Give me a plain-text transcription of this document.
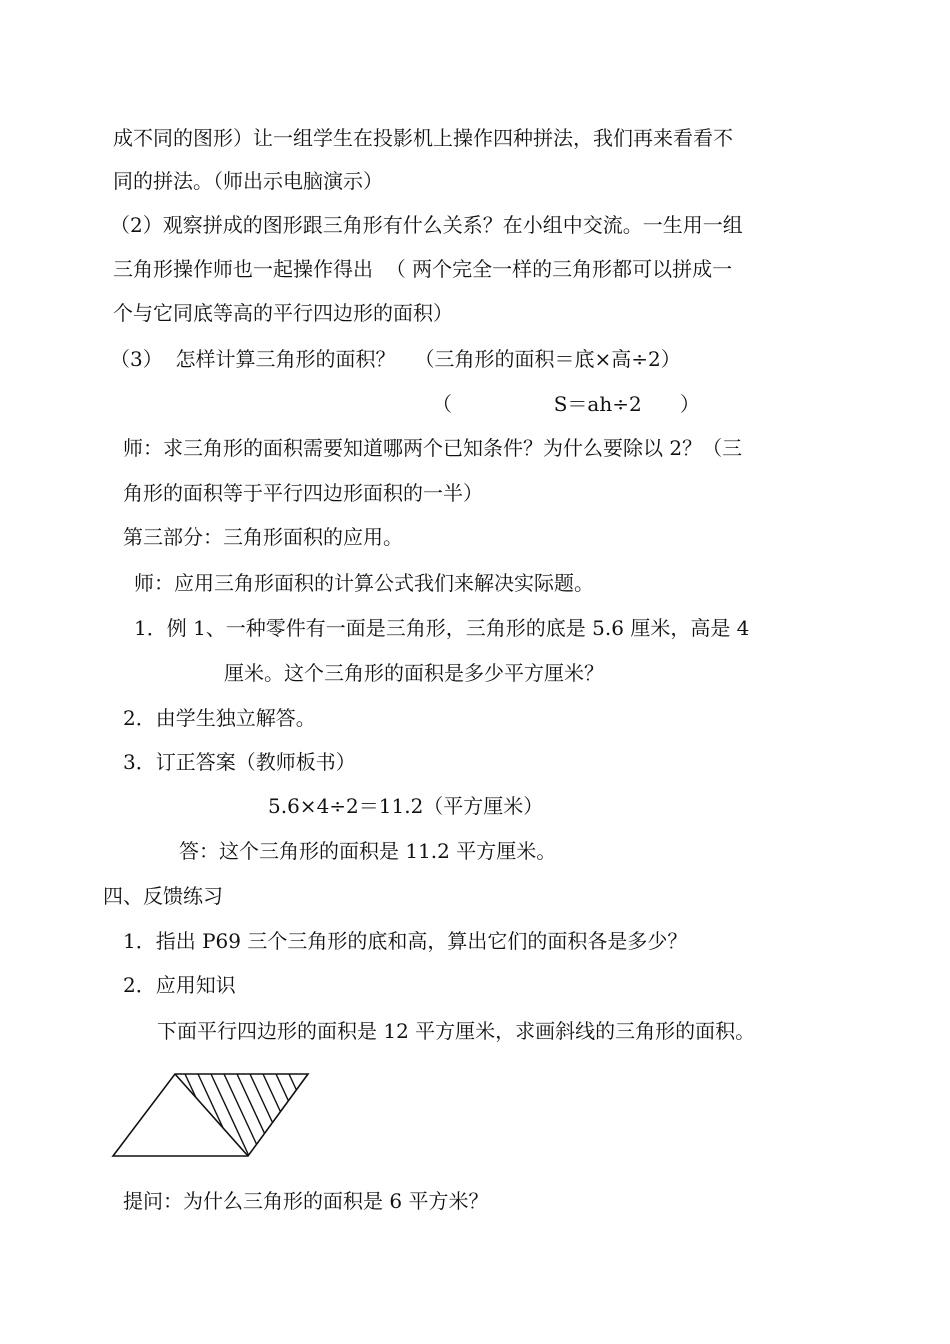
成不同的图形）让一组学生在投影机上操作四种拼法，我们再来看看不
同的拼法。（师出示电脑演示）
（2）观察拼成的图形跟三角形有什么关系？在小组中交流。一生用一组
三角形操作师也一起操作得出  （ 两个完全一样的三角形都可以拼成一
个与它同底等高的平行四边形的面积）
（3）  怎样计算三角形的面积？   （三角形的面积＝底×高÷2）
（                S＝ah÷2      ）
师：求三角形的面积需要知道哪两个已知条件？为什么要除以 2？（三
角形的面积等于平行四边形面积的一半）
第三部分：三角形面积的应用。
师：应用三角形面积的计算公式我们来解决实际题。
1．例 1、一种零件有一面是三角形，三角形的底是 5.6 厘米，高是 4
厘米。这个三角形的面积是多少平方厘米？
2．由学生独立解答。
3．订正答案（教师板书）
5.6×4÷2＝11.2（平方厘米）
答：这个三角形的面积是 11.2 平方厘米。
四、反馈练习
1．指出 P69 三个三角形的底和高，算出它们的面积各是多少？
2．应用知识
下面平行四边形的面积是 12 平方厘米，求画斜线的三角形的面积。
提问：为什么三角形的面积是 6 平方米？
